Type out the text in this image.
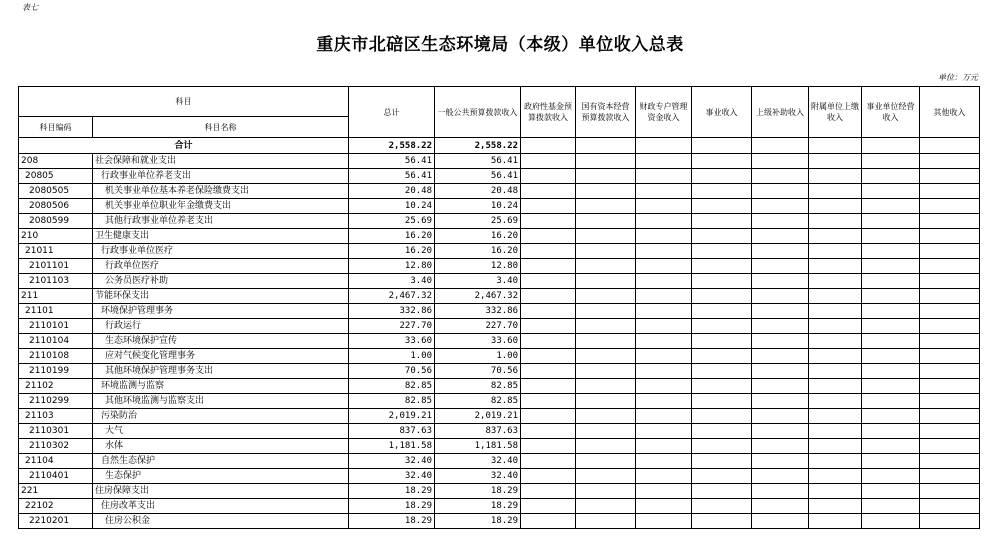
表七
重庆市北碚区生态环境局（本级）单位收入总表
单位：万元
科目		总计	一般公共预算拨款收入	政府性基金预算拨款收入	国有资本经营预算拨款收入	财政专户管理资金收入	事业收入	上级补助收入	附属单位上缴收入	事业单位经营收入	其他收入
科目编码	科目名称										
合计		2,558.22	2,558.22								
208	社会保障和就业支出	56.41	56.41								
20805	行政事业单位养老支出	56.41	56.41								
2080505	机关事业单位基本养老保险缴费支出	20.48	20.48								
2080506	机关事业单位职业年金缴费支出	10.24	10.24								
2080599	其他行政事业单位养老支出	25.69	25.69								
210	卫生健康支出	16.20	16.20								
21011	行政事业单位医疗	16.20	16.20								
2101101	行政单位医疗	12.80	12.80								
2101103	公务员医疗补助	3.40	3.40								
211	节能环保支出	2,467.32	2,467.32								
21101	环境保护管理事务	332.86	332.86								
2110101	行政运行	227.70	227.70								
2110104	生态环境保护宣传	33.60	33.60								
2110108	应对气候变化管理事务	1.00	1.00								
2110199	其他环境保护管理事务支出	70.56	70.56								
21102	环境监测与监察	82.85	82.85								
2110299	其他环境监测与监察支出	82.85	82.85								
21103	污染防治	2,019.21	2,019.21								
2110301	大气	837.63	837.63								
2110302	水体	1,181.58	1,181.58								
21104	自然生态保护	32.40	32.40								
2110401	生态保护	32.40	32.40								
221	住房保障支出	18.29	18.29								
22102	住房改革支出	18.29	18.29								
2210201	住房公积金	18.29	18.29								
